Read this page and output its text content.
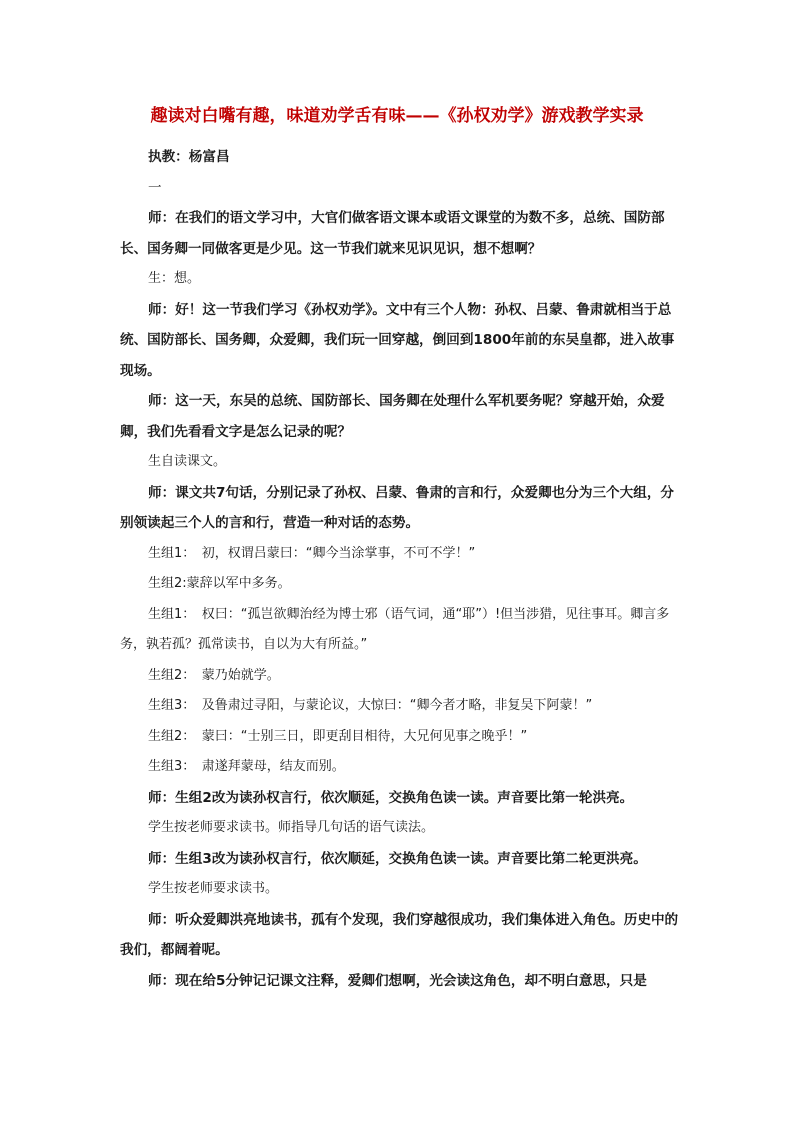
趣读对白嘴有趣，味道劝学舌有味——《孙权劝学》游戏教学实录

执教：杨富昌

一

师：在我们的语文学习中，大官们做客语文课本或语文课堂的为数不多，总统、国防部长、国务卿一同做客更是少见。这一节我们就来见识见识，想不想啊？

生：想。

师：好！这一节我们学习《孙权劝学》。文中有三个人物：孙权、吕蒙、鲁肃就相当于总统、国防部长、国务卿，众爱卿，我们玩一回穿越，倒回到1800年前的东吴皇都，进入故事现场。

师：这一天，东吴的总统、国防部长、国务卿在处理什么军机要务呢？穿越开始，众爱卿，我们先看看文字是怎么记录的呢？

生自读课文。

师：课文共7句话，分别记录了孙权、吕蒙、鲁肃的言和行，众爱卿也分为三个大组，分别领读起三个人的言和行，营造一种对话的态势。

生组1：　初，权谓吕蒙曰：“卿今当涂掌事，不可不学！”

生组2:蒙辞以军中多务。

生组1：　权曰：“孤岂欲卿治经为博士邪（语气词，通“耶”）!但当涉猎，见往事耳。卿言多务，孰若孤？孤常读书，自以为大有所益。”

生组2：　蒙乃始就学。

生组3：　及鲁肃过寻阳，与蒙论议，大惊曰：“卿今者才略，非复吴下阿蒙！”

生组2：　蒙曰：“士别三日，即更刮目相待，大兄何见事之晚乎！”

生组3：　肃遂拜蒙母，结友而别。

师：生组2改为读孙权言行，依次顺延，交换角色读一读。声音要比第一轮洪亮。

学生按老师要求读书。师指导几句话的语气读法。

师：生组3改为读孙权言行，依次顺延，交换角色读一读。声音要比第二轮更洪亮。

学生按老师要求读书。

师：听众爱卿洪亮地读书，孤有个发现，我们穿越很成功，我们集体进入角色。历史中的我们，都阔着呢。

师：现在给5分钟记记课文注释，爱卿们想啊，光会读这角色，却不明白意思，只是
